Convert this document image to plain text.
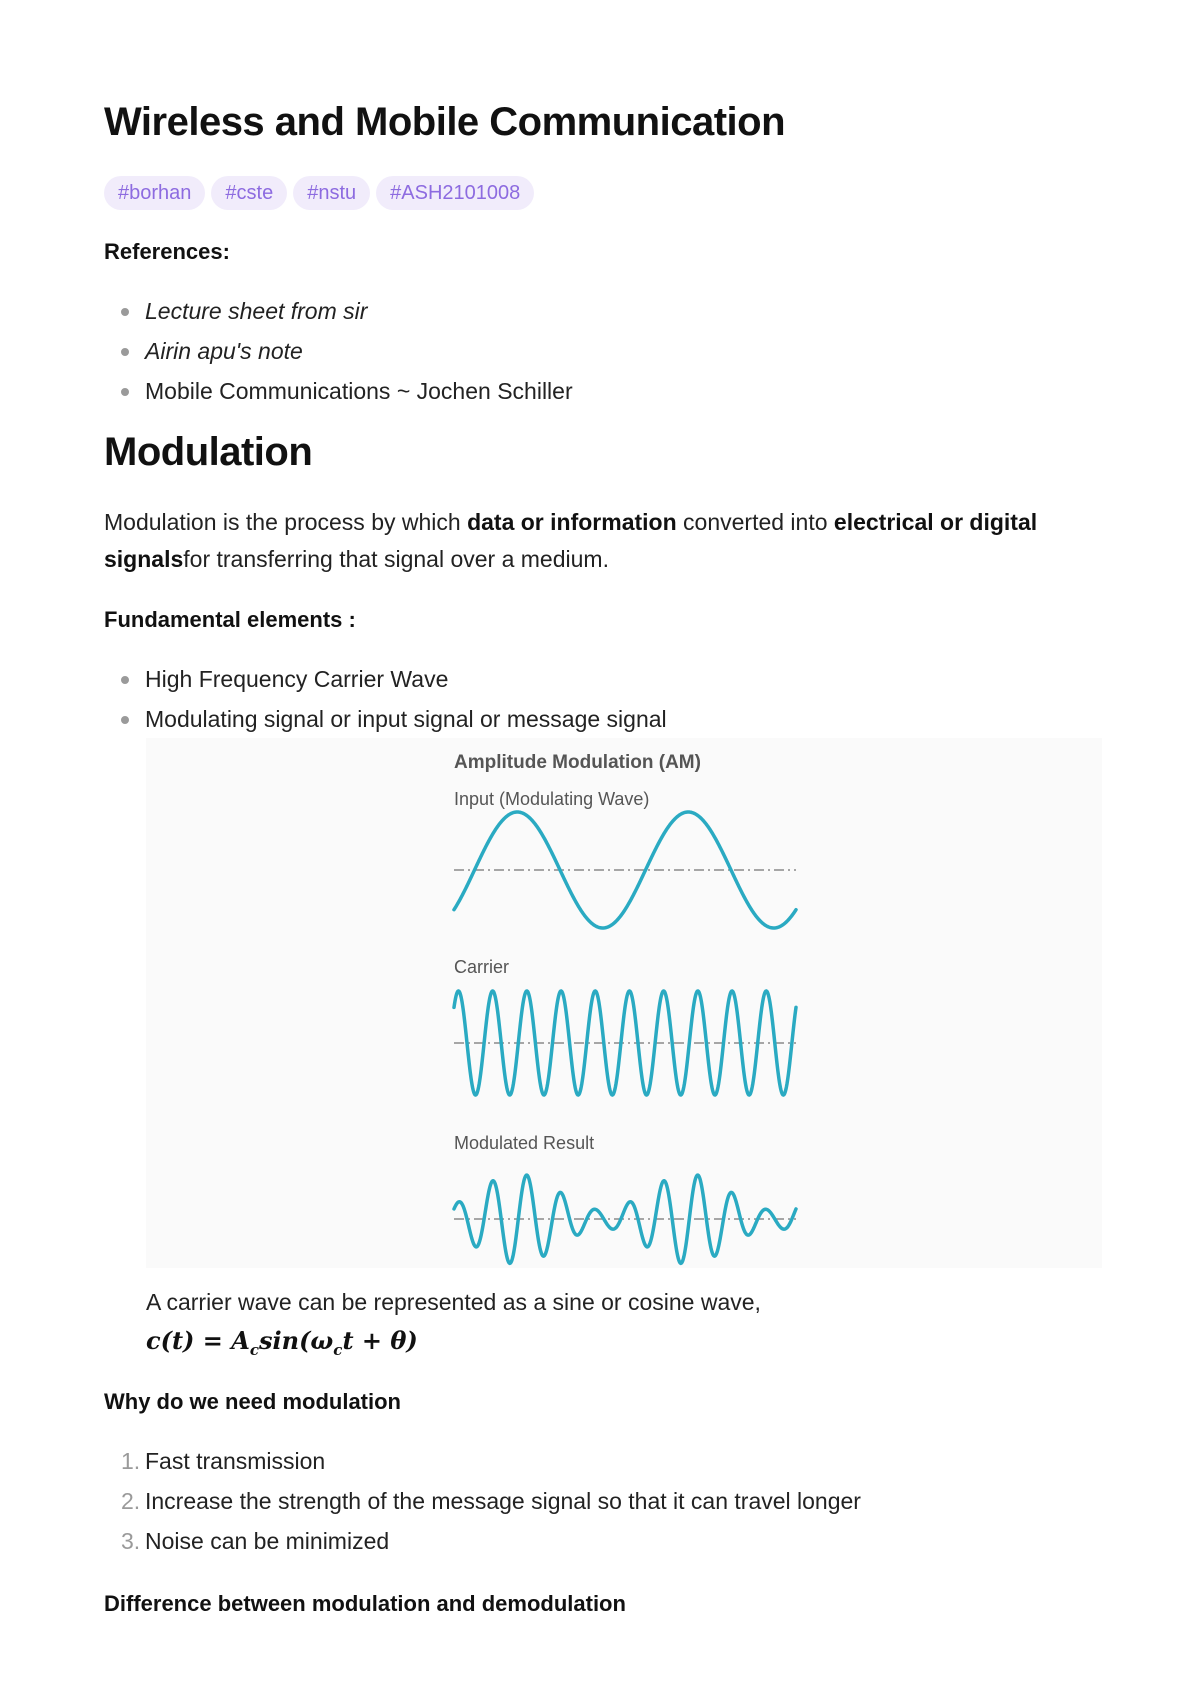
Wireless and Mobile Communication
#borhan	#cste	#nstu	#ASH2101008

References:

Lecture sheet from sir
Airin apu's note
Mobile Communications ~ Jochen Schiller
Modulation

Modulation is the process by which data or information converted into electrical or digital signalsfor transferring that signal over a medium.

Fundamental elements :

High Frequency Carrier Wave
Modulating signal or input signal or message signal
Amplitude Modulation (AM)
Input (Modulating Wave)
Carrier
Modulated Result

A carrier wave can be represented as a sine or cosine wave,

$c(t) = A_c\sin(\omega_ct + \theta)$

Why do we need modulation

1. Fast transmission
2. Increase the strength of the message signal so that it can travel longer
3. Noise can be minimized

Difference between modulation and demodulation
